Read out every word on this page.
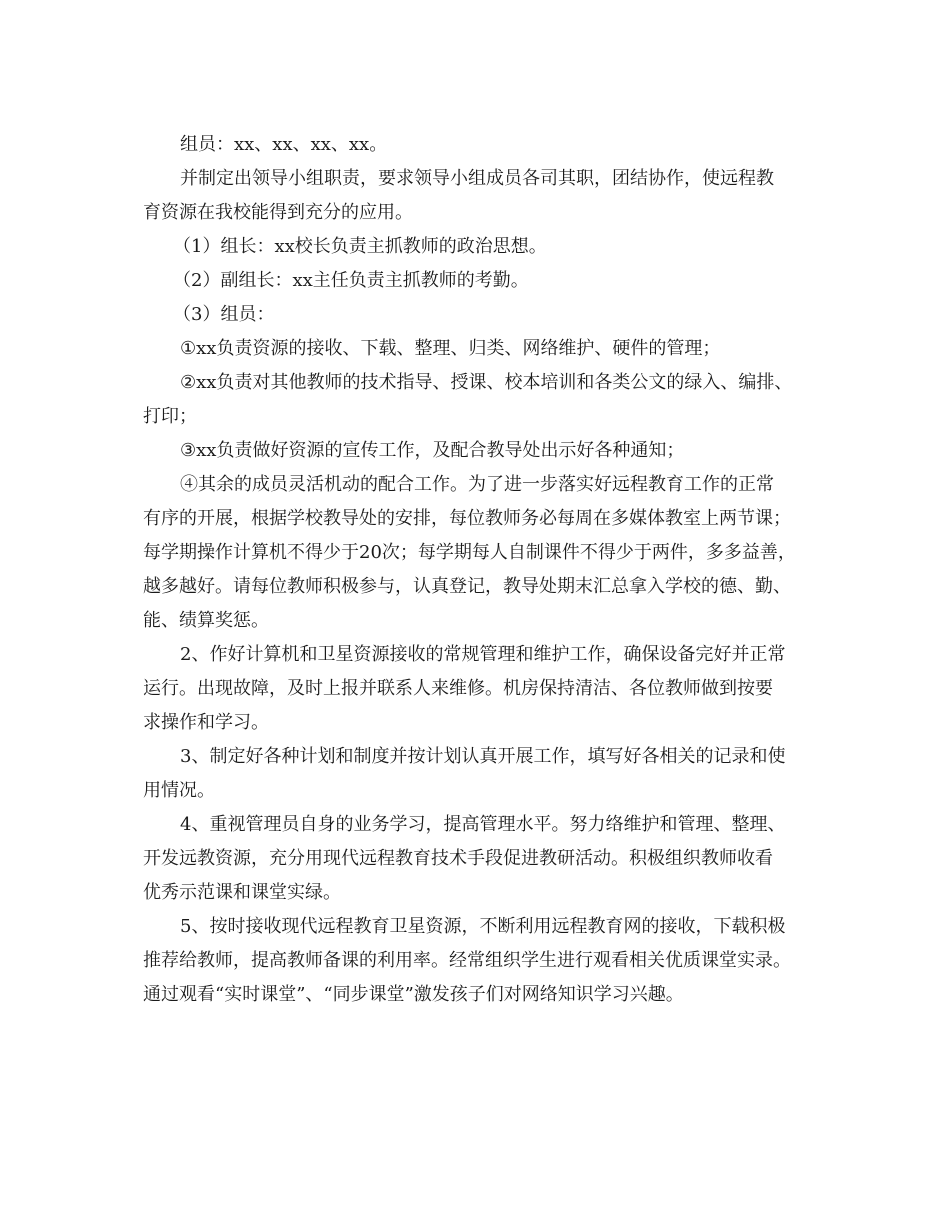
组员：xx、xx、xx、xx。
并制定出领导小组职责，要求领导小组成员各司其职，团结协作，使远程教
育资源在我校能得到充分的应用。
（1）组长：xx校长负责主抓教师的政治思想。
（2）副组长：xx主任负责主抓教师的考勤。
（3）组员：
①xx负责资源的接收、下载、整理、归类、网络维护、硬件的管理；
②xx负责对其他教师的技术指导、授课、校本培训和各类公文的绿入、编排、
打印；
③xx负责做好资源的宣传工作，及配合教导处出示好各种通知；
④其余的成员灵活机动的配合工作。为了进一步落实好远程教育工作的正常
有序的开展，根据学校教导处的安排，每位教师务必每周在多媒体教室上两节课；
每学期操作计算机不得少于20次；每学期每人自制课件不得少于两件，多多益善，
越多越好。请每位教师积极参与，认真登记，教导处期末汇总拿入学校的德、勤、
能、绩算奖惩。
2、作好计算机和卫星资源接收的常规管理和维护工作，确保设备完好并正常
运行。出现故障，及时上报并联系人来维修。机房保持清洁、各位教师做到按要
求操作和学习。
3、制定好各种计划和制度并按计划认真开展工作，填写好各相关的记录和使
用情况。
4、重视管理员自身的业务学习，提高管理水平。努力络维护和管理、整理、
开发远教资源，充分用现代远程教育技术手段促进教研活动。积极组织教师收看
优秀示范课和课堂实绿。
5、按时接收现代远程教育卫星资源，不断利用远程教育网的接收，下载积极
推荐给教师，提高教师备课的利用率。经常组织学生进行观看相关优质课堂实录。
通过观看“实时课堂”、“同步课堂”激发孩子们对网络知识学习兴趣。
